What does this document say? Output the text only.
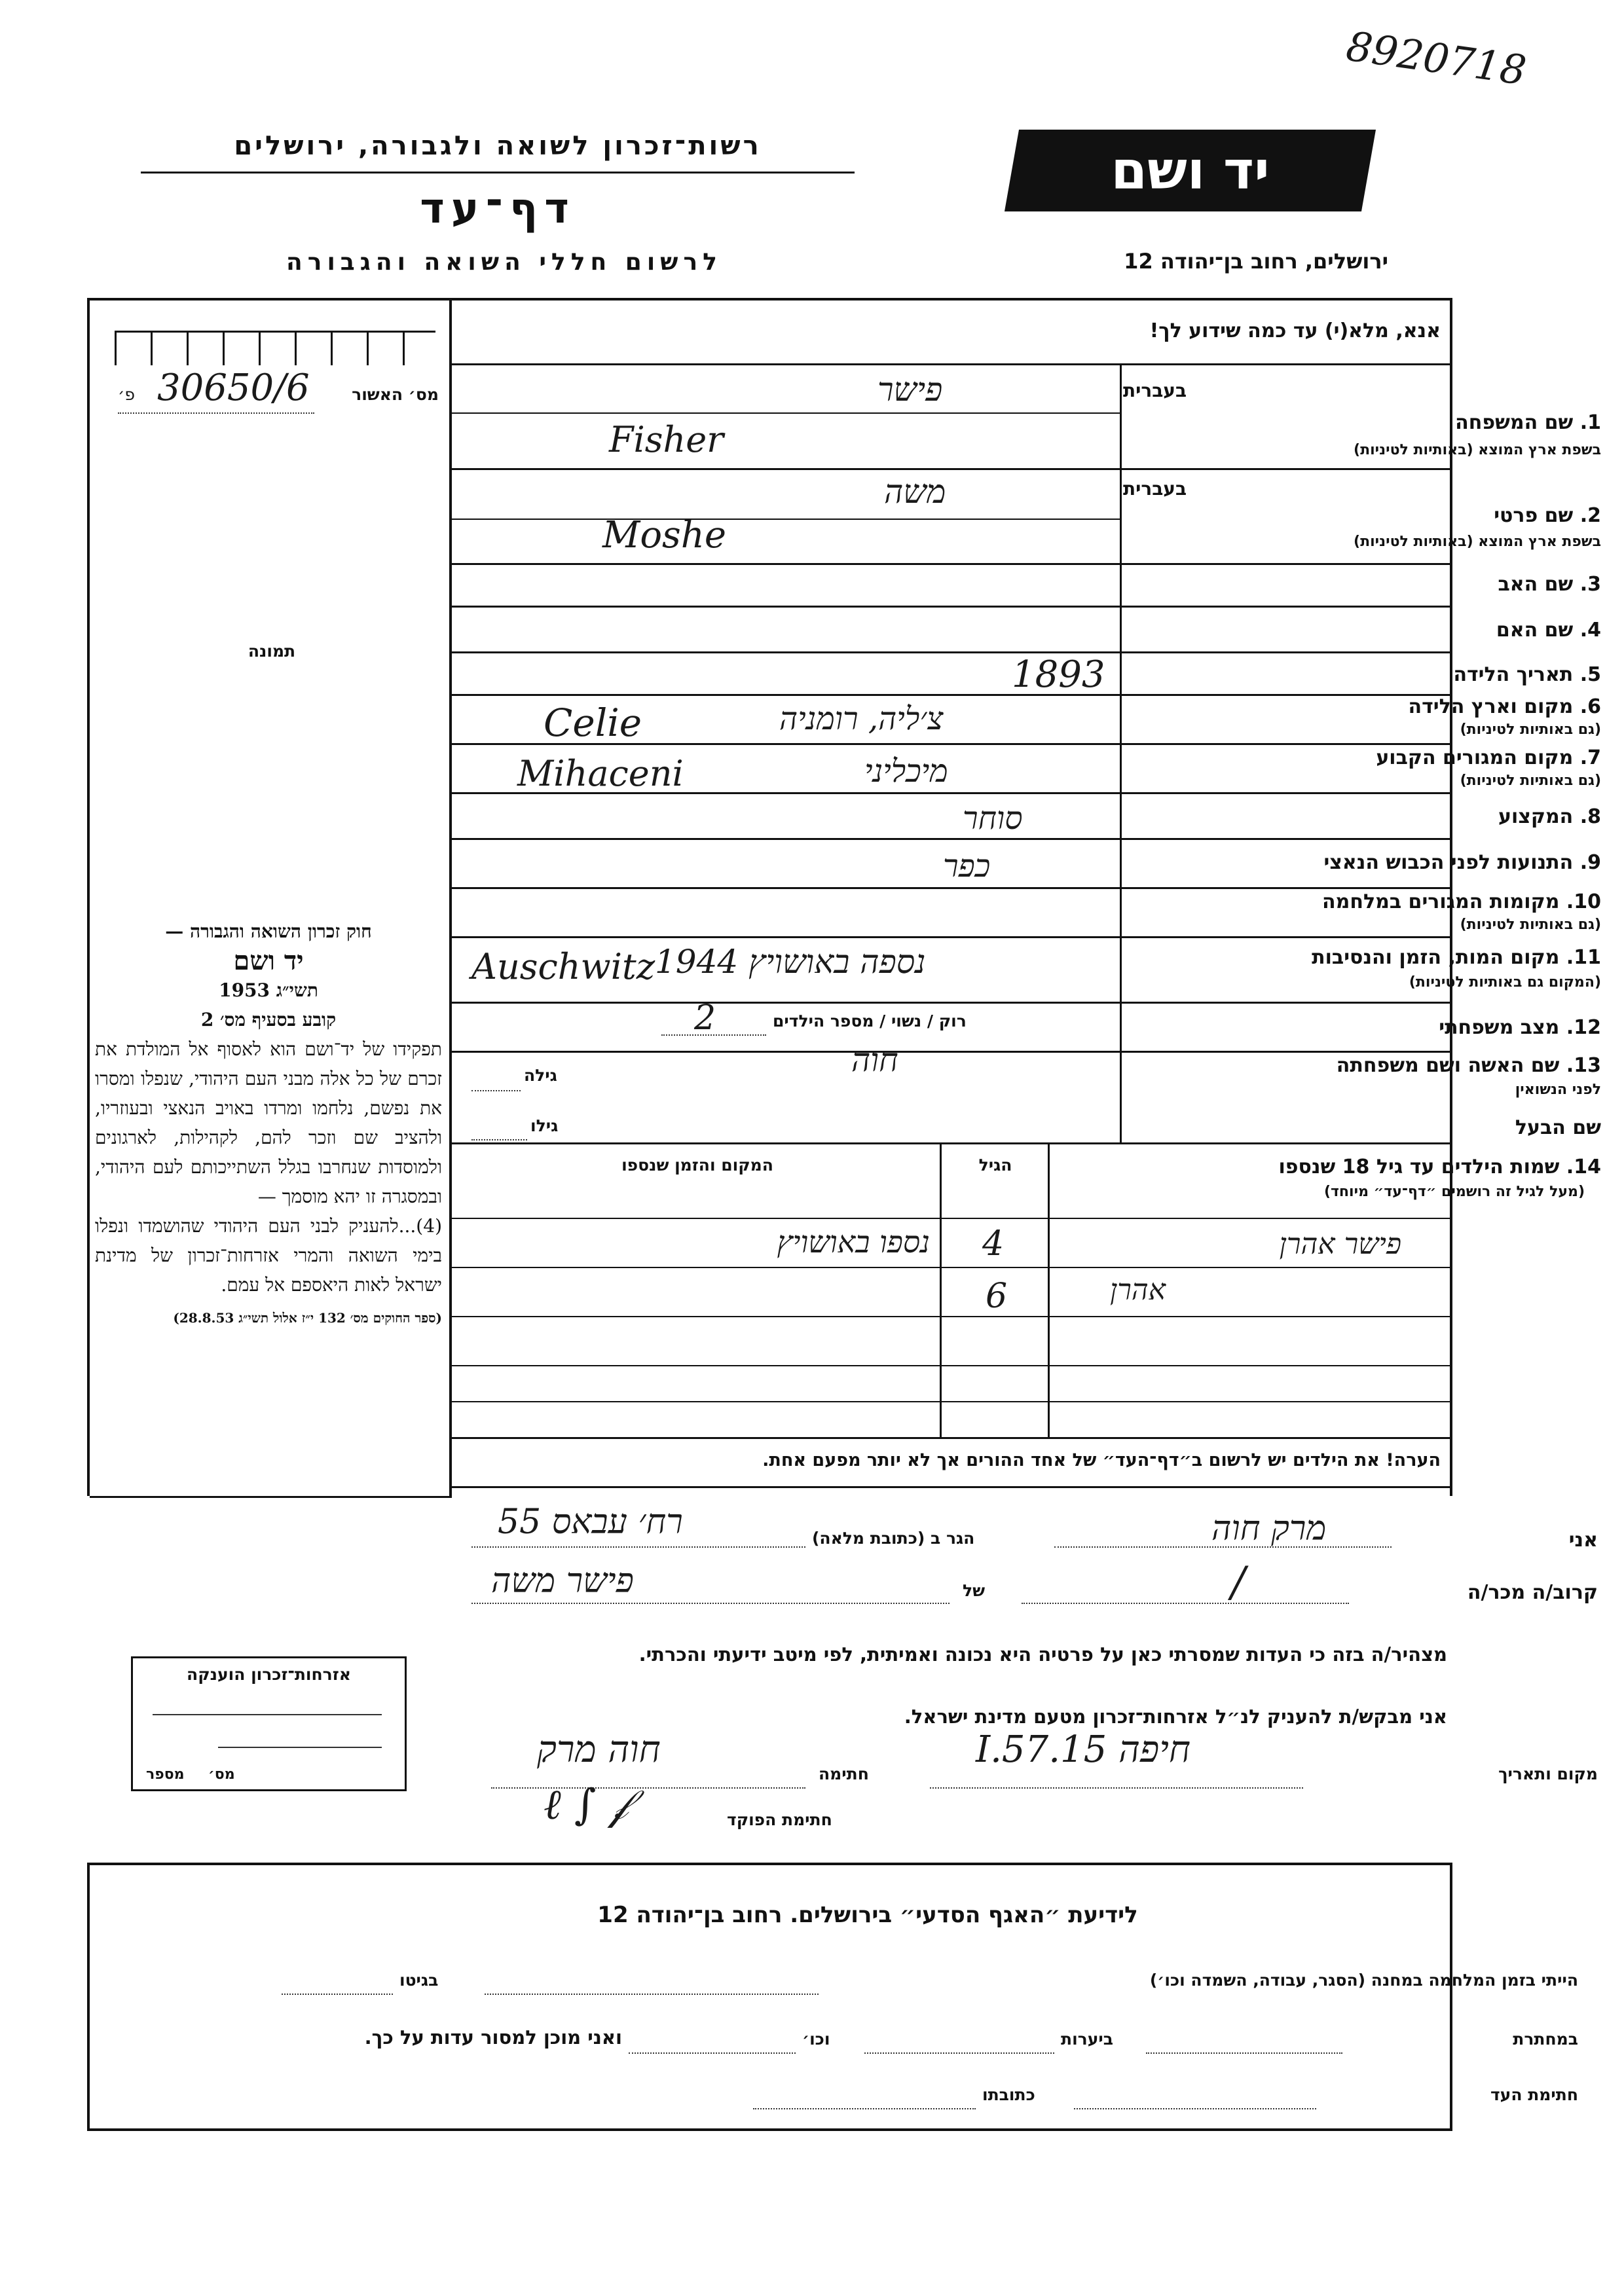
8920718
רשות־זכרון לשואה ולגבורה, ירושלים
דף־עד
לרשום חללי השואה והגבורה
יד ושם
ירושלים, רחוב בן־יהודה 12
מס׳ האשור
30650/6
פ׳
תמונה
חוק זכרון השואה והגבורה —
יד ושם
תשי״ג 1953
קובע בסעיף מס׳ 2
תפקידו של יד־ושם הוא לאסוף אל המולדת את זכרם של כל אלה מבני העם היהודי, שנפלו ומסרו את נפשם, נלחמו ומרדו באויב הנאצי ובעוזריו, ולהציב שם וזכר להם, לקהילות, לארגונים ולמוסדות שנחרבו בגלל השתייכותם לעם היהודי, ובמסגרה זו יהא מוסמך —
(4)...להעניק לבני העם היהודי שהושמדו ונפלו בימי השואה והמרי אזרחות־זכרון של מדינת ישראל לאות היאספם אל עמם.
(ספר החוקים מס׳ 132 י״ז אלול תשי״ג 28.8.53)
אנא, מלא(י) עד כמה שידוע לך!
בעברית
1. שם המשפחה
בשפת ארץ המוצא (באותיות לטיניות)
בעברית
2. שם פרטי
בשפת ארץ המוצא (באותיות לטיניות)
3. שם האב
4. שם האם
5. תאריך הלידה
6. מקום וארץ הלידה
(גם באותיות לטיניות)
7. מקום המגורים הקבוע
(גם באותיות לטיניות)
8. המקצוע
9. התנועות לפני הכבוש הנאצי
10. מקומות המגורים במלחמה
(גם באותיות לטיניות)
11. מקום המות, הזמן והנסיבות
(המקום גם באותיות לטיניות)
12. מצב משפחתי
13. שם האשה ושם משפחתה
לפני הנשואין
שם הבעל
פישר
Fisher
משה
Moshe
1893
צ׳ליה, רומניה
Celie
מיכליני
Mihaceni
סוחר
כפר
נספה באושויץ 1944
Auschwitz
רוק / נשוי / מספר הילדים
2
חוה
גילה
גילו
14. שמות הילדים עד גיל 18 שנספו
(מעל לגיל זה רושמים ״דף־עד״ מיוחד)
הגיל
המקום והזמן שנספו
פישר אהרן
4
נספו באושויץ
אהרן
6
הערה! את הילדים יש לרשום ב״דף־העד״ של אחד ההורים אך לא יותר מפעם אחת.
אני
מרק חוה
הגר ב (כתובת מלאה)
רח׳ עבאס 55
קרוב/ה מכר/ה
/
של
פישר משה
מצהיר/ה בזה כי העדות שמסרתי כאן על פרטיה היא נכונה ואמיתית, לפי מיטב ידיעתי והכרתי.
אני מבקש/ת להעניק לנ״ל אזרחות־זכרון מטעם מדינת ישראל.
מקום ותאריך
חיפה 15.I.57
חתימה
חוה מרק
חתימת הפוקד
ℓ ∫ 𝒻
אזרחות־זכרון הוענקה
מספר מס׳
לידיעת ״האגף הסדעי״ בירושלים. רחוב בן־יהודה 12
הייתי בזמן המלחמה במחנה (הסגר, עבודה, השמדה וכו׳)
בגיטו
במחתרת
ביערות
וכו׳
ואני מוכן למסור עדות על כך.
חתימת העד
כתובתו
